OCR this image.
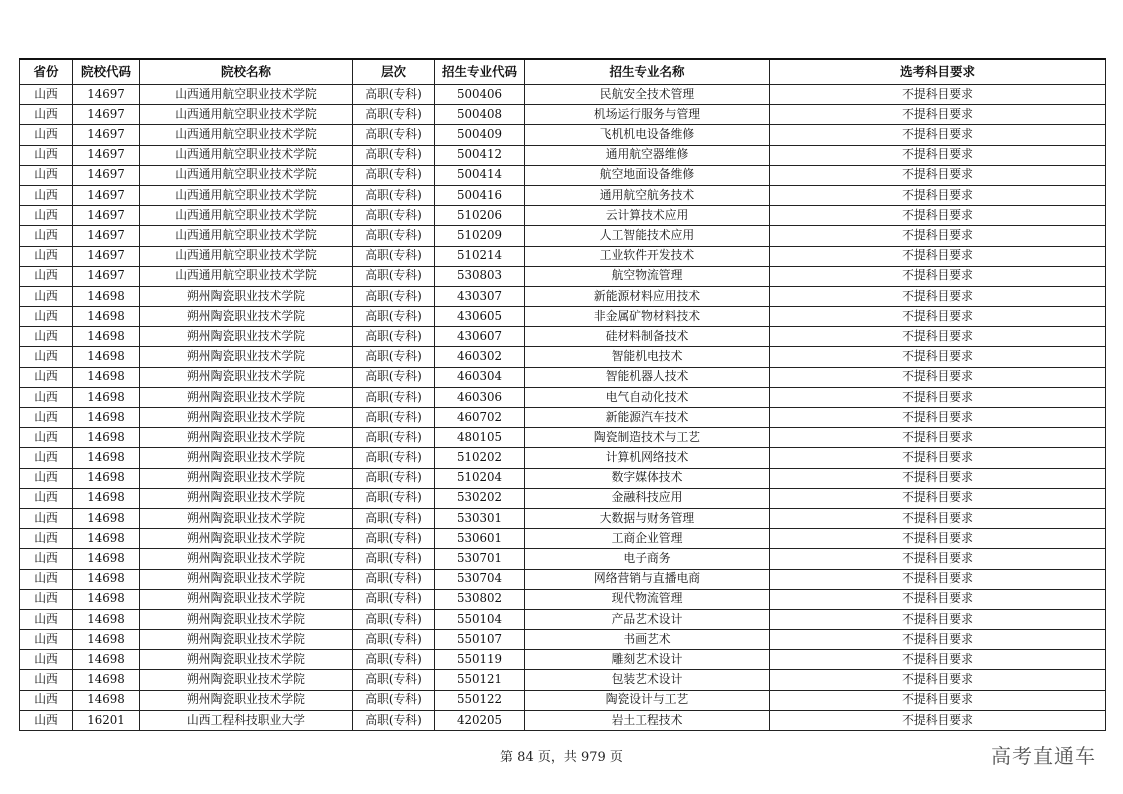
省份	院校代码	院校名称	层次	招生专业代码	招生专业名称	选考科目要求
山西	14697	山西通用航空职业技术学院	高职(专科)	500406	民航安全技术管理	不提科目要求
山西	14697	山西通用航空职业技术学院	高职(专科)	500408	机场运行服务与管理	不提科目要求
山西	14697	山西通用航空职业技术学院	高职(专科)	500409	飞机机电设备维修	不提科目要求
山西	14697	山西通用航空职业技术学院	高职(专科)	500412	通用航空器维修	不提科目要求
山西	14697	山西通用航空职业技术学院	高职(专科)	500414	航空地面设备维修	不提科目要求
山西	14697	山西通用航空职业技术学院	高职(专科)	500416	通用航空航务技术	不提科目要求
山西	14697	山西通用航空职业技术学院	高职(专科)	510206	云计算技术应用	不提科目要求
山西	14697	山西通用航空职业技术学院	高职(专科)	510209	人工智能技术应用	不提科目要求
山西	14697	山西通用航空职业技术学院	高职(专科)	510214	工业软件开发技术	不提科目要求
山西	14697	山西通用航空职业技术学院	高职(专科)	530803	航空物流管理	不提科目要求
山西	14698	朔州陶瓷职业技术学院	高职(专科)	430307	新能源材料应用技术	不提科目要求
山西	14698	朔州陶瓷职业技术学院	高职(专科)	430605	非金属矿物材料技术	不提科目要求
山西	14698	朔州陶瓷职业技术学院	高职(专科)	430607	硅材料制备技术	不提科目要求
山西	14698	朔州陶瓷职业技术学院	高职(专科)	460302	智能机电技术	不提科目要求
山西	14698	朔州陶瓷职业技术学院	高职(专科)	460304	智能机器人技术	不提科目要求
山西	14698	朔州陶瓷职业技术学院	高职(专科)	460306	电气自动化技术	不提科目要求
山西	14698	朔州陶瓷职业技术学院	高职(专科)	460702	新能源汽车技术	不提科目要求
山西	14698	朔州陶瓷职业技术学院	高职(专科)	480105	陶瓷制造技术与工艺	不提科目要求
山西	14698	朔州陶瓷职业技术学院	高职(专科)	510202	计算机网络技术	不提科目要求
山西	14698	朔州陶瓷职业技术学院	高职(专科)	510204	数字媒体技术	不提科目要求
山西	14698	朔州陶瓷职业技术学院	高职(专科)	530202	金融科技应用	不提科目要求
山西	14698	朔州陶瓷职业技术学院	高职(专科)	530301	大数据与财务管理	不提科目要求
山西	14698	朔州陶瓷职业技术学院	高职(专科)	530601	工商企业管理	不提科目要求
山西	14698	朔州陶瓷职业技术学院	高职(专科)	530701	电子商务	不提科目要求
山西	14698	朔州陶瓷职业技术学院	高职(专科)	530704	网络营销与直播电商	不提科目要求
山西	14698	朔州陶瓷职业技术学院	高职(专科)	530802	现代物流管理	不提科目要求
山西	14698	朔州陶瓷职业技术学院	高职(专科)	550104	产品艺术设计	不提科目要求
山西	14698	朔州陶瓷职业技术学院	高职(专科)	550107	书画艺术	不提科目要求
山西	14698	朔州陶瓷职业技术学院	高职(专科)	550119	雕刻艺术设计	不提科目要求
山西	14698	朔州陶瓷职业技术学院	高职(专科)	550121	包装艺术设计	不提科目要求
山西	14698	朔州陶瓷职业技术学院	高职(专科)	550122	陶瓷设计与工艺	不提科目要求
山西	16201	山西工程科技职业大学	高职(专科)	420205	岩土工程技术	不提科目要求
第 84 页，共 979 页	高考直通车
